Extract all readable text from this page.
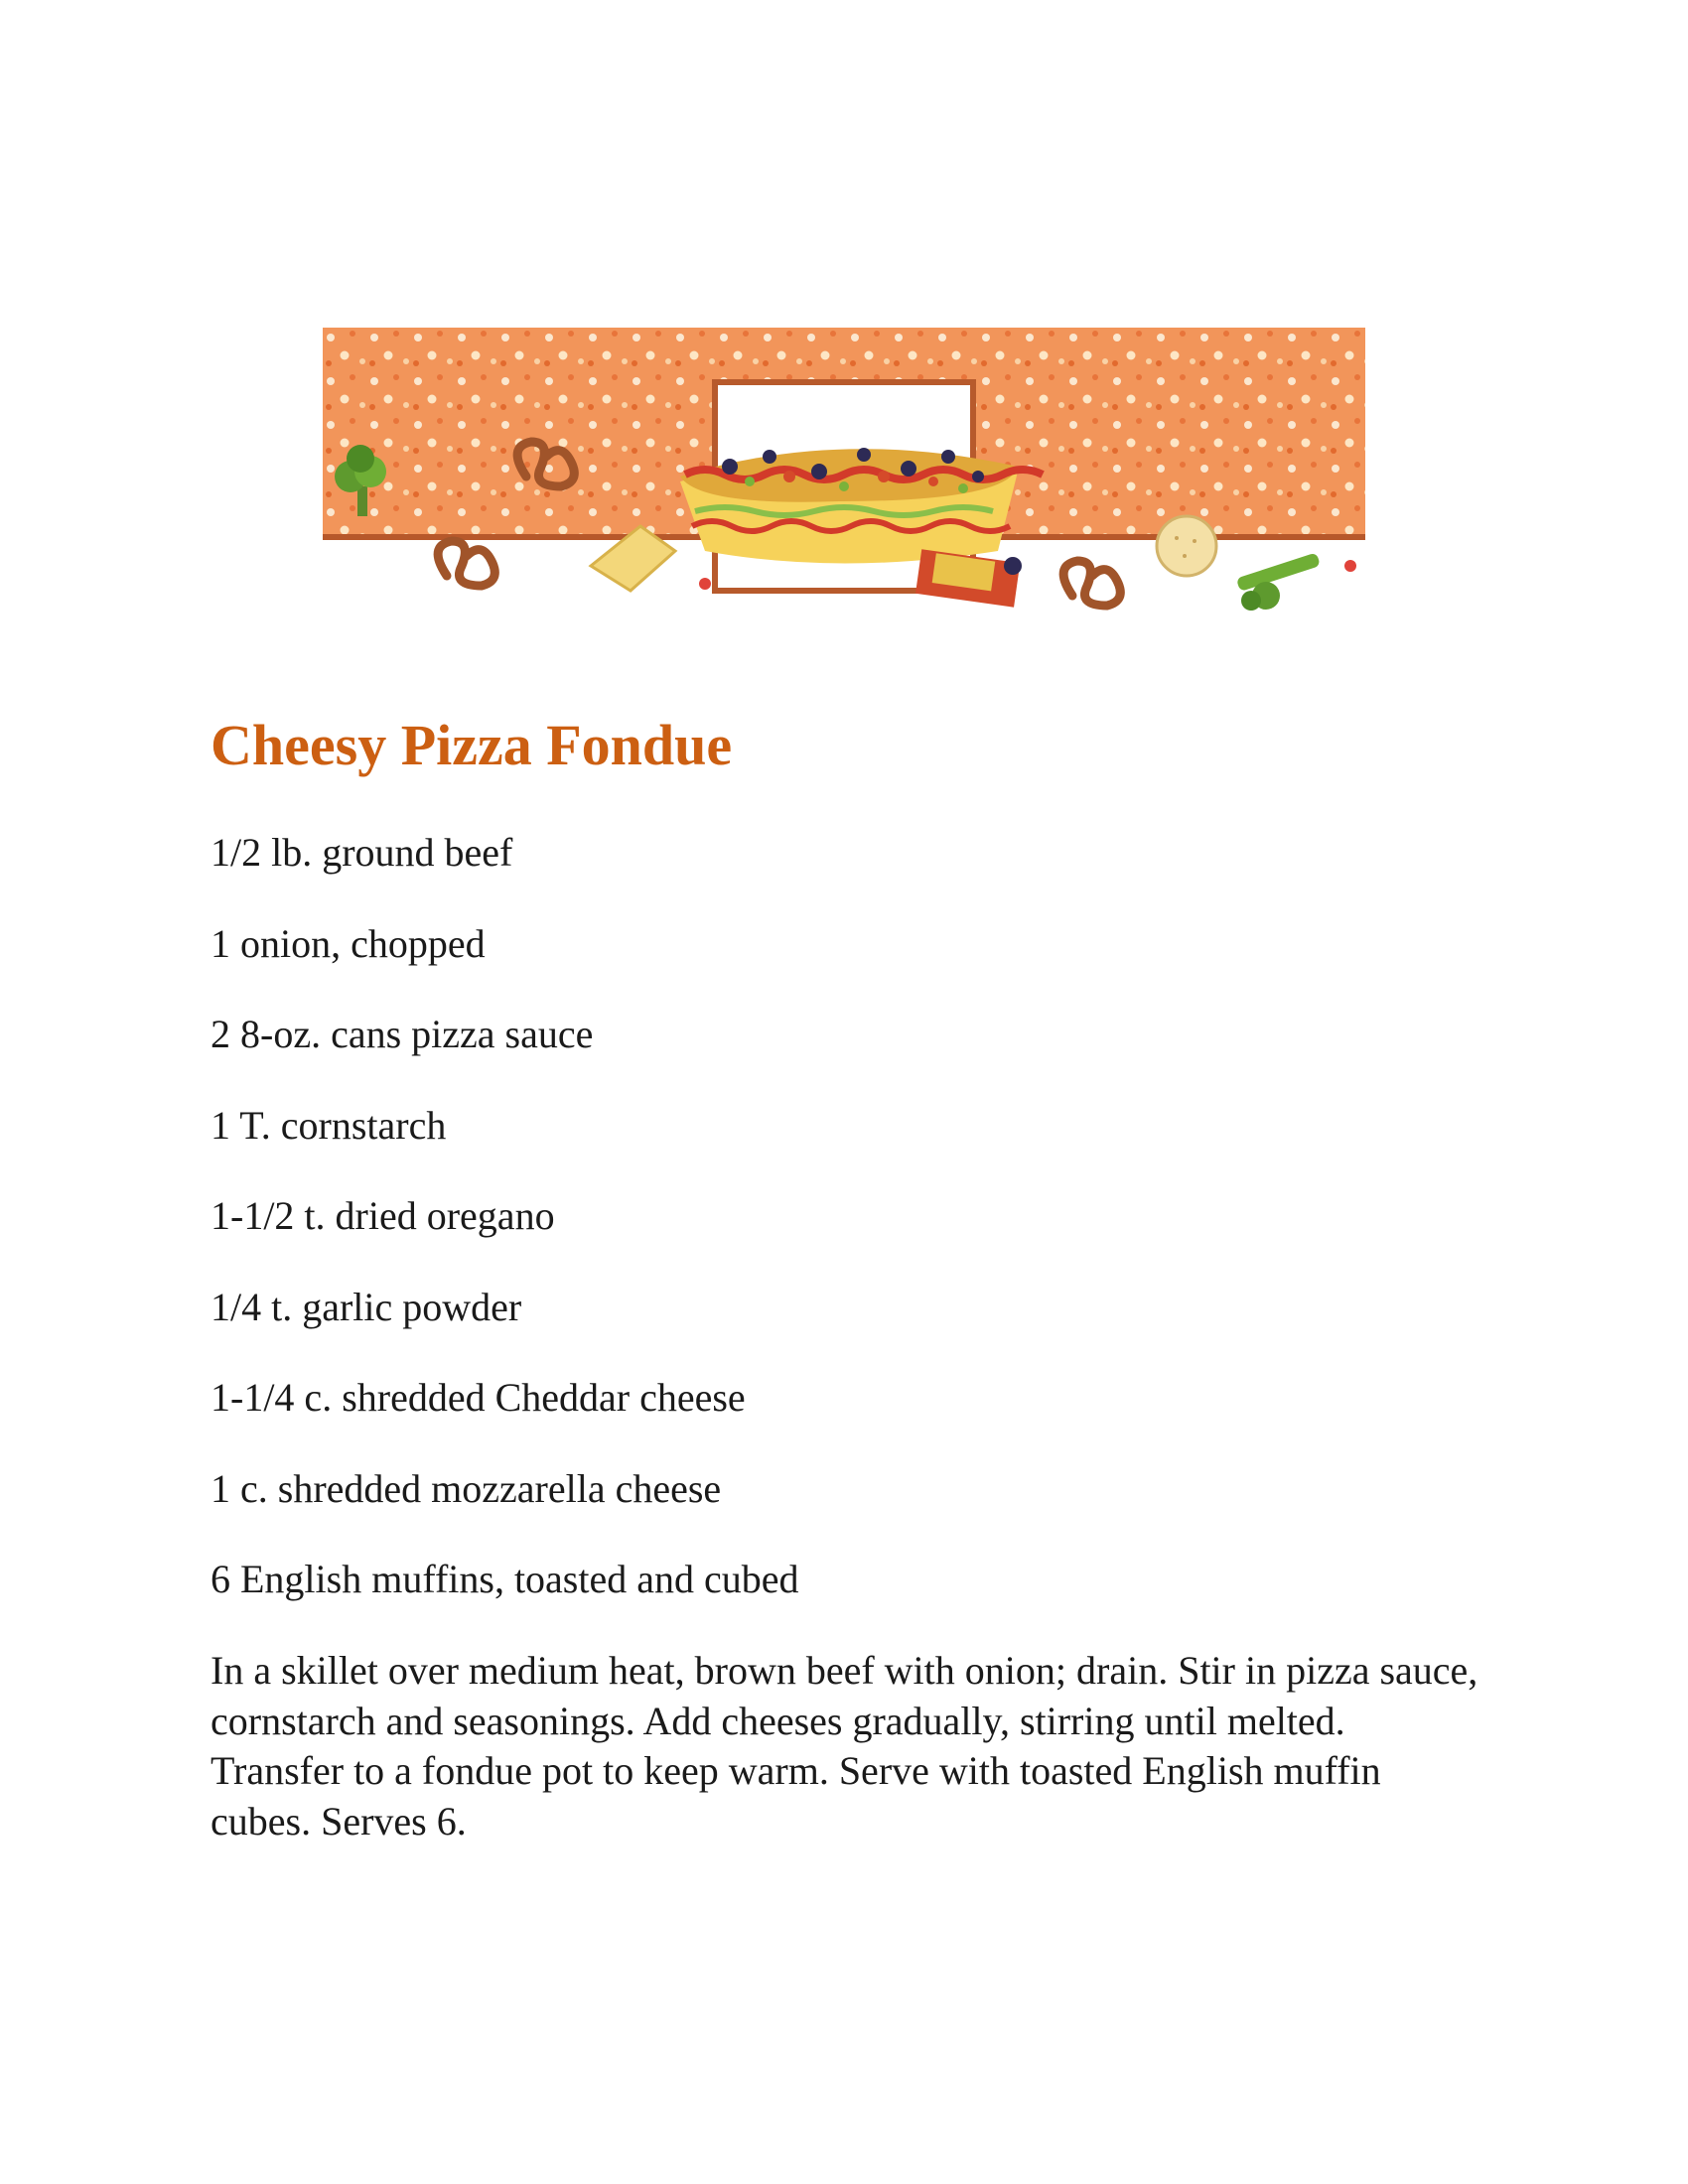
Cheesy Pizza Fondue
1/2 lb. ground beef
1 onion, chopped
2 8-oz. cans pizza sauce
1 T. cornstarch
1-1/2 t. dried oregano
1/4 t. garlic powder
1-1/4 c. shredded Cheddar cheese
1 c. shredded mozzarella cheese
6 English muffins, toasted and cubed

In a skillet over medium heat, brown beef with onion; drain. Stir in pizza sauce, cornstarch and seasonings. Add cheeses gradually, stirring until melted. Transfer to a fondue pot to keep warm. Serve with toasted English muffin cubes. Serves 6.
